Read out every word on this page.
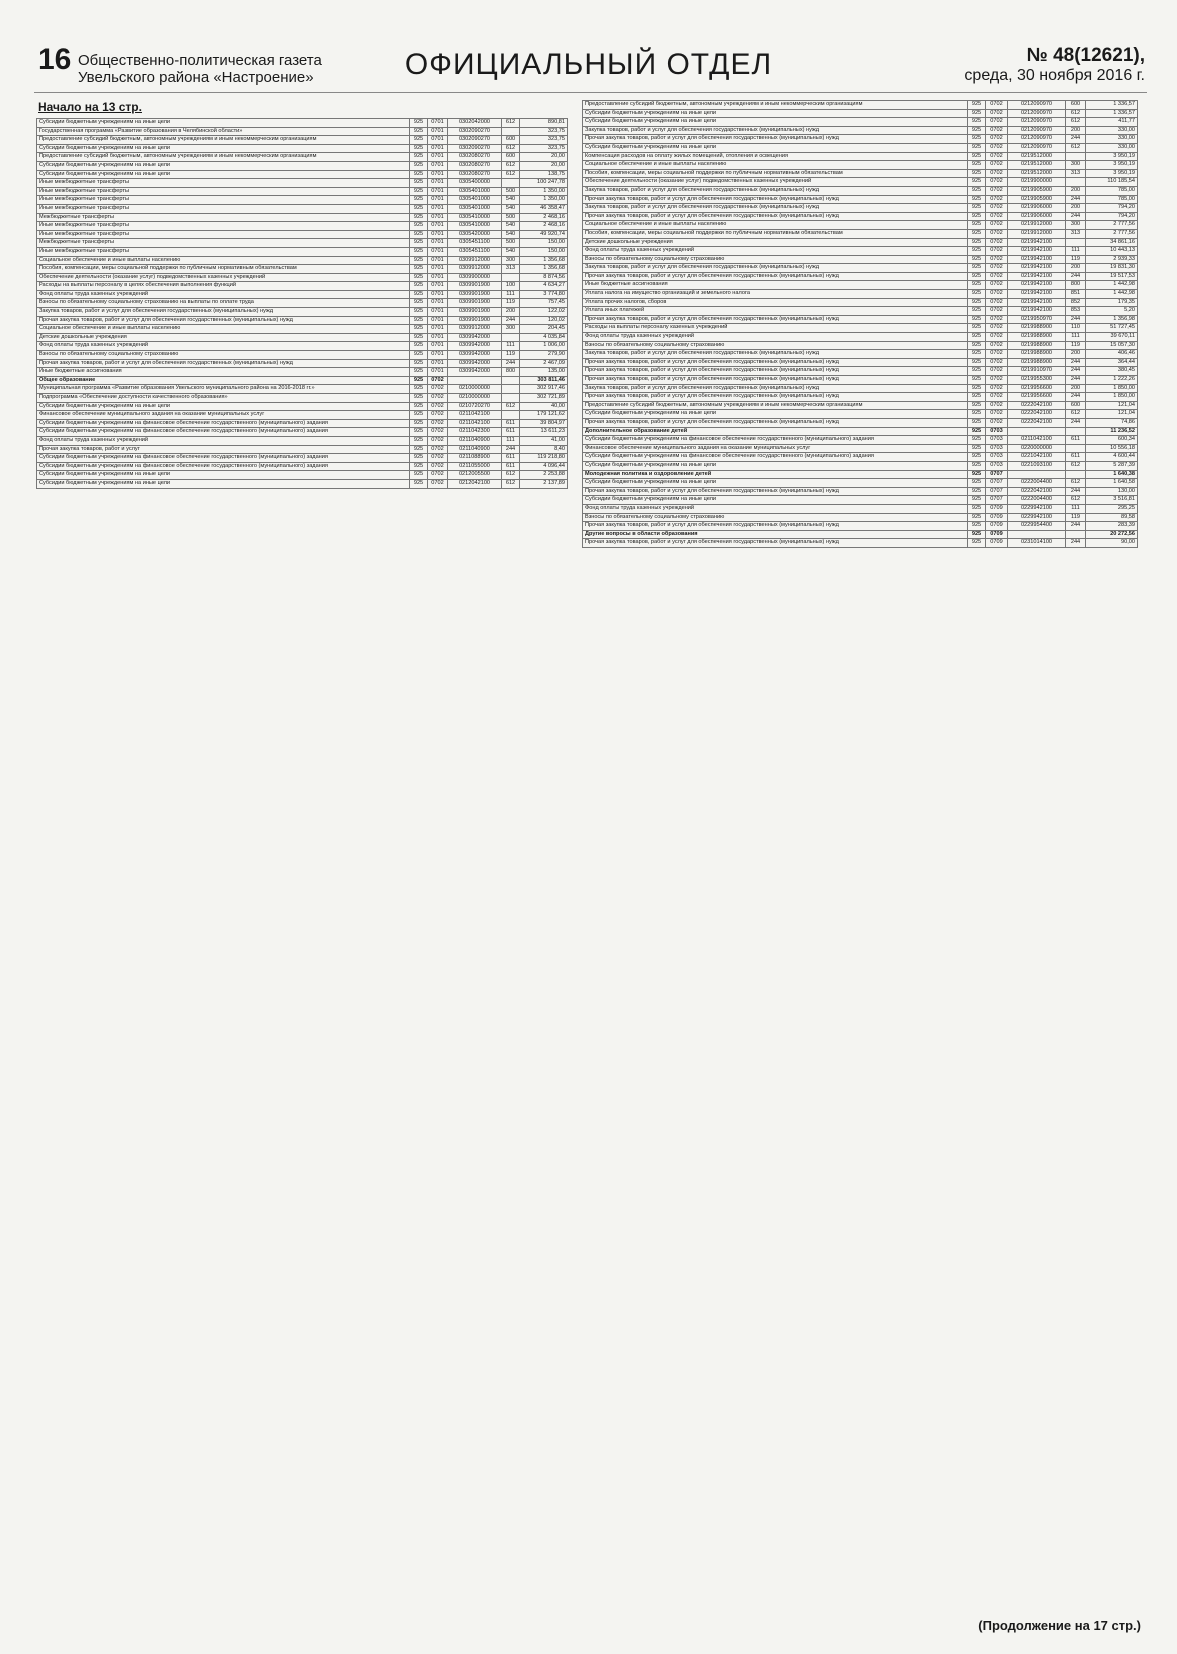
16 Общественно-политическая газета
Увельского района «Настроение»	ОФИЦИАЛЬНЫЙ ОТДЕЛ	№ 48(12621),
среда, 30 ноября 2016 г.
Начало на 13 стр.
Субсидии бюджетным учреждениям на иные цели	925	0701	0302042000	612	890,81
Государственная программа «Развитие образования в Челябинской области»	925	0701	0302090270		323,75
Предоставление субсидий бюджетным, автономным учреждениям и иным некоммерческим организациям	925	0701	0302090270	600	323,75
Субсидии бюджетным учреждениям на иные цели	925	0701	0302090270	612	323,75
Предоставление субсидий бюджетным, автономным учреждениям и иным некоммерческим организациям	925	0701	0302080270	600	20,00
Субсидии бюджетным учреждениям на иные цели	925	0701	0302080270	612	20,00
Субсидии бюджетным учреждениям на иные цели	925	0701	0302080270	612	138,75
Иные межбюджетные трансферты	925	0701	0305400000		100 247,78
Иные межбюджетные трансферты	925	0701	0305401000	500	1 350,00
Иные межбюджетные трансферты	925	0701	0305401000	540	1 350,00
Иные межбюджетные трансферты	925	0701	0305401000	540	46 358,47
Межбюджетные трансферты	925	0701	0305410000	500	2 468,16
Иные межбюджетные трансферты	925	0701	0305410000	540	2 468,16
Иные межбюджетные трансферты	925	0701	0305420000	540	49 920,74
Межбюджетные трансферты	925	0701	0305451100	500	150,00
Иные межбюджетные трансферты	925	0701	0305451100	540	150,00
Социальное обеспечение и иные выплаты населению	925	0701	0309912000	300	1 356,68
Пособия, компенсации, меры социальной поддержки по публичным нормативным обязательствам	925	0701	0309912000	313	1 356,68
Обеспечение деятельности (оказание услуг) подведомственных казенных учреждений	925	0701	0309900000		8 874,56
Расходы на выплаты персоналу в целях обеспечения выполнения функций	925	0701	0309901900	100	4 634,27
Фонд оплаты труда казенных учреждений	925	0701	0309901900	111	3 774,80
Взносы по обязательному социальному страхованию на выплаты по оплате труда	925	0701	0309901900	119	757,45
Закупка товаров, работ и услуг для обеспечения государственных (муниципальных) нужд	925	0701	0309901900	200	122,02
Прочая закупка товаров, работ и услуг для обеспечения государственных (муниципальных) нужд	925	0701	0309901900	244	120,02
Социальное обеспечение и иные выплаты населению	925	0701	0309912000	300	204,45
Детские дошкольные учреждения	925	0701	0309942000		4 035,84
Фонд оплаты труда казенных учреждений	925	0701	0309942000	111	1 006,00
Взносы по обязательному социальному страхованию	925	0701	0309942000	119	279,90
Прочая закупка товаров, работ и услуг для обеспечения государственных (муниципальных) нужд	925	0701	0309942000	244	2 467,09
Иные бюджетные ассигнования	925	0701	0309942000	800	135,00
Общее образование	925	0702			303 811,46
Муниципальная программа «Развитие образования Увельского муниципального района на 2016-2018 гг.»	925	0702	0210000000		302 917,46
Подпрограмма «Обеспечение доступности качественного образования»	925	0702	0210000000		302 721,89
Субсидии бюджетным учреждениям на иные цели	925	0702	0210720270	612	40,00
Финансовое обеспечение муниципального задания на оказание муниципальных услуг	925	0702	0211042100		179 121,62
Субсидии бюджетным учреждениям на финансовое обеспечение государственного (муниципального) задания	925	0702	0211042100	611	39 804,97
Субсидии бюджетным учреждениям на финансовое обеспечение государственного (муниципального) задания	925	0702	0211042300	611	13 611,23
Фонд оплаты труда казенных учреждений	925	0702	0211040900	111	41,00
Прочая закупка товаров, работ и услуг	925	0702	0211040900	244	8,40
Субсидии бюджетным учреждениям на финансовое обеспечение государственного (муниципального) задания	925	0702	0211088900	611	119 218,80
Субсидии бюджетным учреждениям на финансовое обеспечение государственного (муниципального) задания	925	0702	0211055000	611	4 096,44
Субсидии бюджетным учреждениям на иные цели	925	0702	0212005500	612	2 253,88
Субсидии бюджетным учреждениям на иные цели	925	0702	0212042100	612	2 137,89
Предоставление субсидий бюджетным, автономным учреждениям и иным некоммерческим организациям	925	0702	0212090970	600	1 336,57
Субсидии бюджетным учреждениям на иные цели	925	0702	0212090970	612	1 336,57
Субсидии бюджетным учреждениям на иные цели	925	0702	0212090970	612	411,77
Закупка товаров, работ и услуг для обеспечения государственных (муниципальных) нужд	925	0702	0212090970	200	330,00
Прочая закупка товаров, работ и услуг для обеспечения государственных (муниципальных) нужд	925	0702	0212090970	244	330,00
Субсидии бюджетным учреждениям на иные цели	925	0702	0212090970	612	330,00
Компенсация расходов на оплату жилых помещений, отопления и освещения	925	0702	0219512000		3 950,19
Социальное обеспечение и иные выплаты населению	925	0702	0219512000	300	3 950,19
Пособия, компенсации, меры социальной поддержки по публичным нормативным обязательствам	925	0702	0219512000	313	3 950,19
Обеспечение деятельности (оказание услуг) подведомственных казенных учреждений	925	0702	0219900000		110 185,54
Закупка товаров, работ и услуг для обеспечения государственных (муниципальных) нужд	925	0702	0219905900	200	785,00
Прочая закупка товаров, работ и услуг для обеспечения государственных (муниципальных) нужд	925	0702	0219905900	244	785,00
Закупка товаров, работ и услуг для обеспечения государственных (муниципальных) нужд	925	0702	0219906000	200	794,20
Прочая закупка товаров, работ и услуг для обеспечения государственных (муниципальных) нужд	925	0702	0219906000	244	794,20
Социальное обеспечение и иные выплаты населению	925	0702	0219912000	300	2 777,56
Пособия, компенсации, меры социальной поддержки по публичным нормативным обязательствам	925	0702	0219912000	313	2 777,56
Детские дошкольные учреждения	925	0702	0219942100		34 861,16
Фонд оплаты труда казенных учреждений	925	0702	0219942100	111	10 443,13
Взносы по обязательному социальному страхованию	925	0702	0219942100	119	2 939,33
Закупка товаров, работ и услуг для обеспечения государственных (муниципальных) нужд	925	0702	0219942100	200	19 831,30
Прочая закупка товаров, работ и услуг для обеспечения государственных (муниципальных) нужд	925	0702	0219942100	244	19 517,53
Иные бюджетные ассигнования	925	0702	0219942100	800	1 442,98
Уплата налога на имущество организаций и земельного налога	925	0702	0219942100	851	1 442,98
Уплата прочих налогов, сборов	925	0702	0219942100	852	179,35
Уплата иных платежей	925	0702	0219942100	853	5,20
Прочая закупка товаров, работ и услуг для обеспечения государственных (муниципальных) нужд	925	0702	0219950970	244	1 356,98
Расходы на выплаты персоналу казенных учреждений	925	0702	0219988900	110	51 727,45
Фонд оплаты труда казенных учреждений	925	0702	0219988900	111	39 670,11
Взносы по обязательному социальному страхованию	925	0702	0219988900	119	15 057,30
Закупка товаров, работ и услуг для обеспечения государственных (муниципальных) нужд	925	0702	0219988900	200	406,46
Прочая закупка товаров, работ и услуг для обеспечения государственных (муниципальных) нужд	925	0702	0219988900	244	364,44
Прочая закупка товаров, работ и услуг для обеспечения государственных (муниципальных) нужд	925	0702	0219910970	244	380,45
Прочая закупка товаров, работ и услуг для обеспечения государственных (муниципальных) нужд	925	0702	0219955300	244	1 222,26
Закупка товаров, работ и услуг для обеспечения государственных (муниципальных) нужд	925	0702	0219956600	200	1 850,00
Прочая закупка товаров, работ и услуг для обеспечения государственных (муниципальных) нужд	925	0702	0219956600	244	1 850,00
Предоставление субсидий бюджетным, автономным учреждениям и иным некоммерческим организациям	925	0702	0222042100	600	121,04
Субсидии бюджетным учреждениям на иные цели	925	0702	0222042100	612	121,04
Прочая закупка товаров, работ и услуг для обеспечения государственных (муниципальных) нужд	925	0702	0222042100	244	74,86
Дополнительное образование детей	925	0703			11 236,52
Субсидии бюджетным учреждениям на финансовое обеспечение государственного (муниципального) задания	925	0703	0211042100	611	600,34
Финансовое обеспечение муниципального задания на оказание муниципальных услуг	925	0703	0220000000		10 556,18
Субсидии бюджетным учреждениям на финансовое обеспечение государственного (муниципального) задания	925	0703	0221042100	611	4 600,44
Субсидии бюджетным учреждениям на иные цели	925	0703	0221093100	612	5 287,39
Молодежная политика и оздоровление детей	925	0707			1 640,38
Субсидии бюджетным учреждениям на иные цели	925	0707	0222004400	612	1 640,58
Прочая закупка товаров, работ и услуг для обеспечения государственных (муниципальных) нужд	925	0707	0222042100	244	130,00
Субсидии бюджетным учреждениям на иные цели	925	0707	0222004400	612	3 516,81
Фонд оплаты труда казенных учреждений	925	0709	0229942100	111	295,25
Взносы по обязательному социальному страхованию	925	0709	0229942100	119	89,58
Прочая закупка товаров, работ и услуг для обеспечения государственных (муниципальных) нужд	925	0709	0229954400	244	283,39
Другие вопросы в области образования	925	0709			20 272,56
Прочая закупка товаров, работ и услуг для обеспечения государственных (муниципальных) нужд	925	0709	0231014100	244	90,00
(Продолжение на 17 стр.)
